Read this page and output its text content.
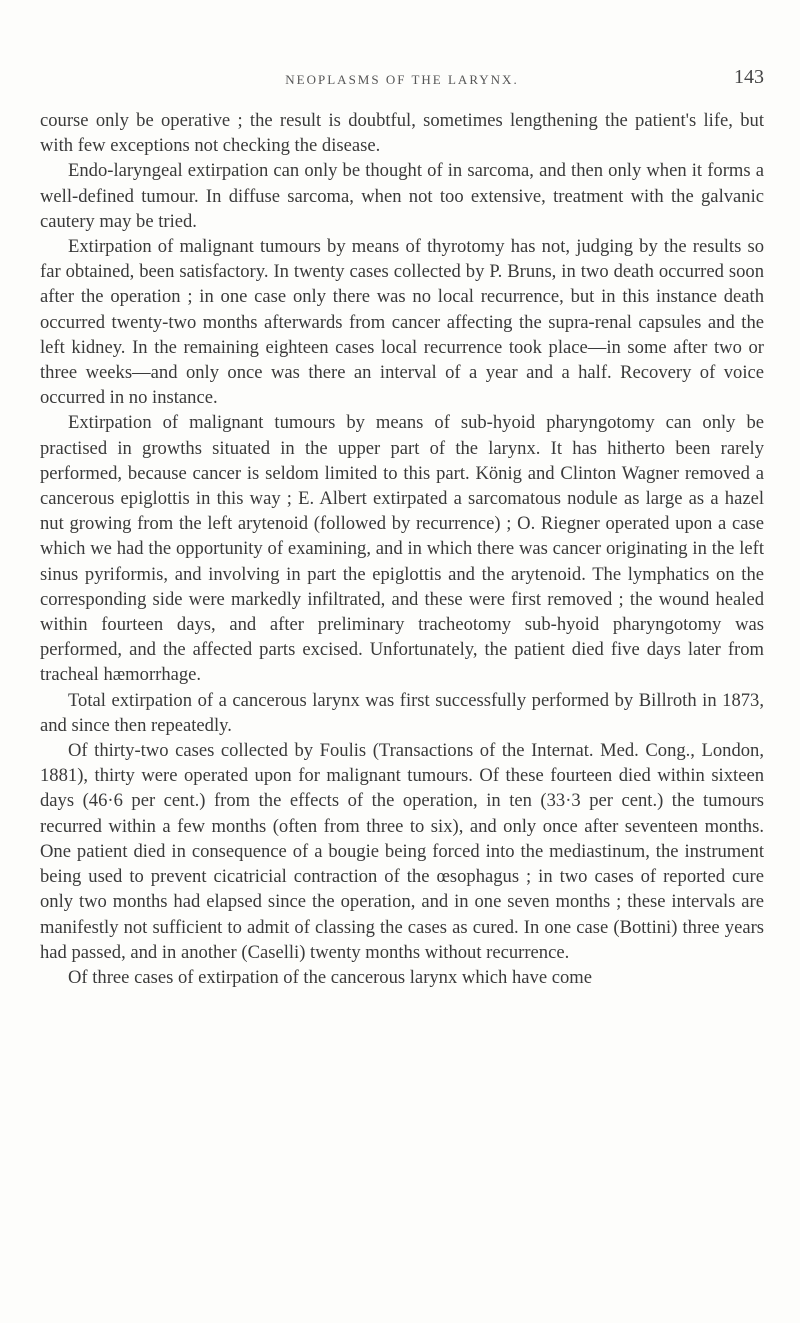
NEOPLASMS OF THE LARYNX.	143

course only be operative ; the result is doubtful, sometimes lengthening the patient's life, but with few exceptions not checking the disease.

Endo-laryngeal extirpation can only be thought of in sarcoma, and then only when it forms a well-defined tumour. In diffuse sarcoma, when not too extensive, treatment with the galvanic cautery may be tried.

Extirpation of malignant tumours by means of thyrotomy has not, judging by the results so far obtained, been satisfactory. In twenty cases collected by P. Bruns, in two death occurred soon after the operation ; in one case only there was no local recurrence, but in this instance death occurred twenty-two months afterwards from cancer affecting the supra-renal capsules and the left kidney. In the remaining eighteen cases local recurrence took place—in some after two or three weeks—and only once was there an interval of a year and a half. Recovery of voice occurred in no instance.

Extirpation of malignant tumours by means of sub-hyoid pharyngotomy can only be practised in growths situated in the upper part of the larynx. It has hitherto been rarely performed, because cancer is seldom limited to this part. König and Clinton Wagner removed a cancerous epiglottis in this way ; E. Albert extirpated a sarcomatous nodule as large as a hazel nut growing from the left arytenoid (followed by recurrence) ; O. Riegner operated upon a case which we had the opportunity of examining, and in which there was cancer originating in the left sinus pyriformis, and involving in part the epiglottis and the arytenoid. The lymphatics on the corresponding side were markedly infiltrated, and these were first removed ; the wound healed within fourteen days, and after preliminary tracheotomy sub-hyoid pharyngotomy was performed, and the affected parts excised. Unfortunately, the patient died five days later from tracheal hæmorrhage.

Total extirpation of a cancerous larynx was first successfully performed by Billroth in 1873, and since then repeatedly.

Of thirty-two cases collected by Foulis (Transactions of the Internat. Med. Cong., London, 1881), thirty were operated upon for malignant tumours. Of these fourteen died within sixteen days (46·6 per cent.) from the effects of the operation, in ten (33·3 per cent.) the tumours recurred within a few months (often from three to six), and only once after seventeen months. One patient died in consequence of a bougie being forced into the mediastinum, the instrument being used to prevent cicatricial contraction of the œsophagus ; in two cases of reported cure only two months had elapsed since the operation, and in one seven months ; these intervals are manifestly not sufficient to admit of classing the cases as cured. In one case (Bottini) three years had passed, and in another (Caselli) twenty months without recurrence.

Of three cases of extirpation of the cancerous larynx which have come
